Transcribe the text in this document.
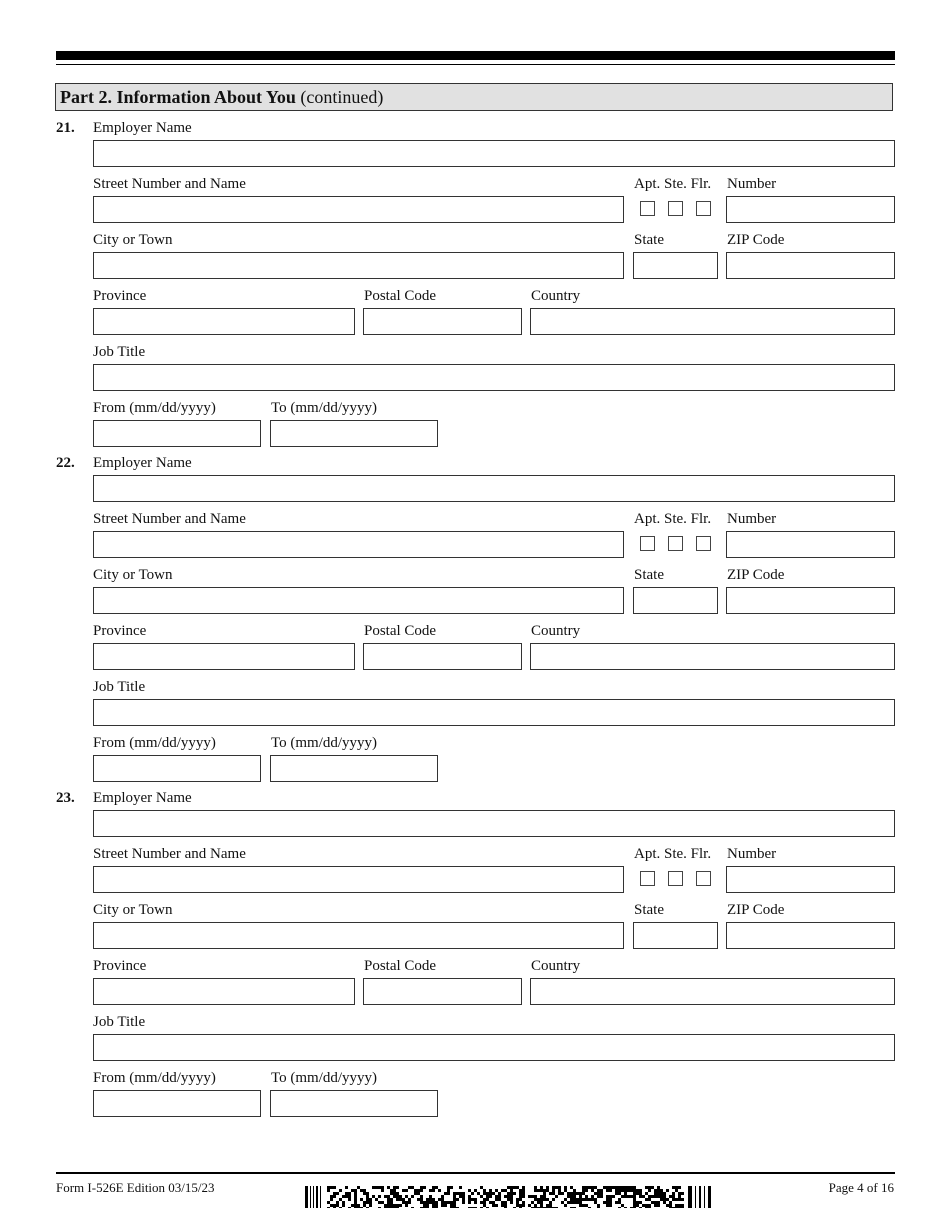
Part 2. Information About You (continued)
21. Employer Name
Street Number and Name	Apt. Ste. Flr. Number
City or Town	State	ZIP Code
Province	Postal Code	Country
Job Title
From (mm/dd/yyyy)	To (mm/dd/yyyy)
22. Employer Name
Street Number and Name	Apt. Ste. Flr. Number
City or Town	State	ZIP Code
Province	Postal Code	Country
Job Title
From (mm/dd/yyyy)	To (mm/dd/yyyy)
23. Employer Name
Street Number and Name	Apt. Ste. Flr. Number
City or Town	State	ZIP Code
Province	Postal Code	Country
Job Title
From (mm/dd/yyyy)	To (mm/dd/yyyy)
Form I-526E Edition 03/15/23	Page 4 of 16
